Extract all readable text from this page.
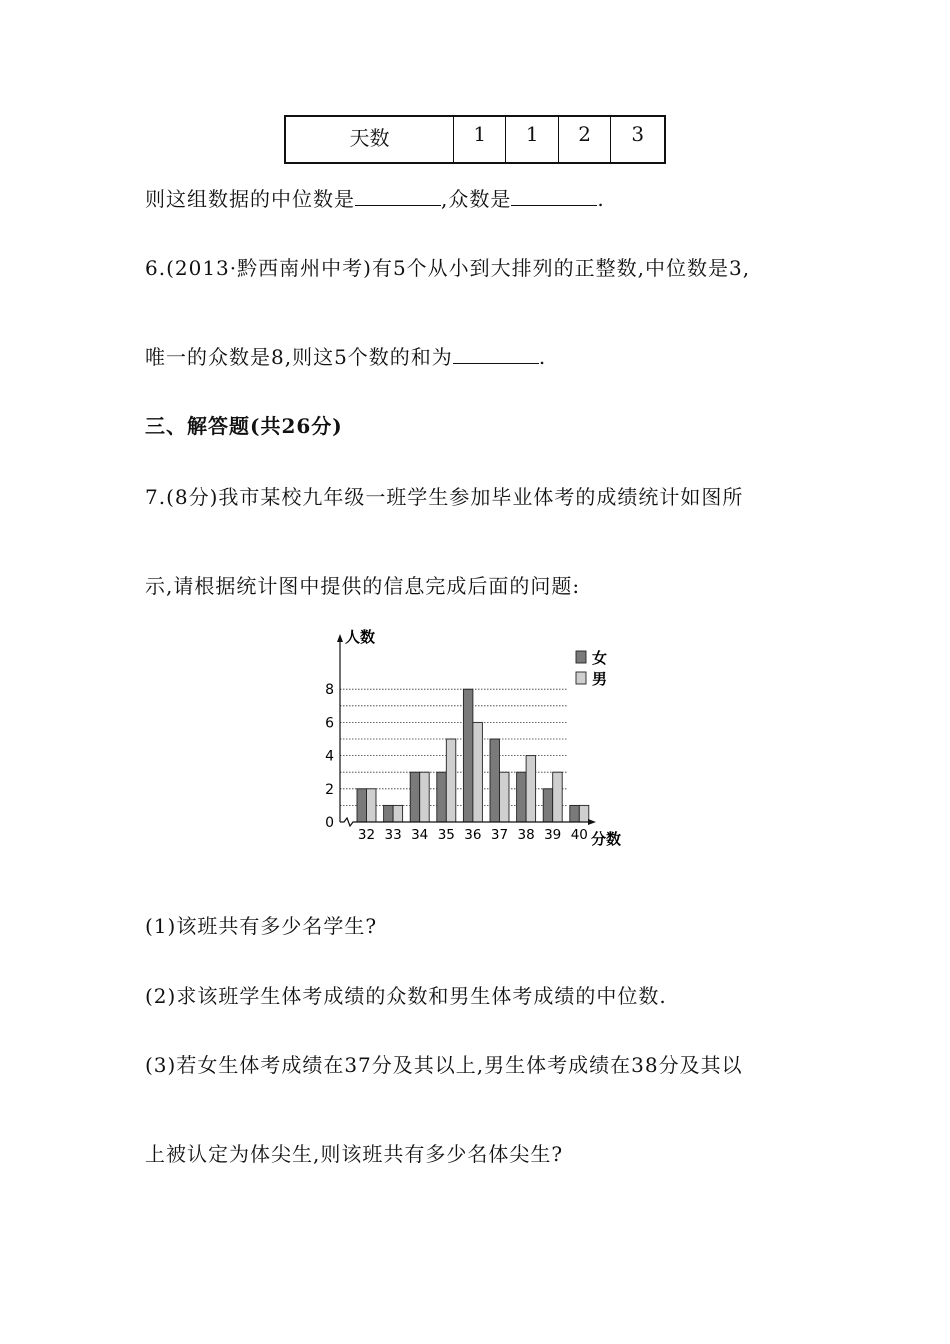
天数	1	1	2	3
则这组数据的中位数是	,众数是	.
6.(2013·黔西南州中考)有5个从小到大排列的正整数,中位数是3,
唯一的众数是8,则这5个数的和为	.
三、解答题(共26分)
7.(8分)我市某校九年级一班学生参加毕业体考的成绩统计如图所
示,请根据统计图中提供的信息完成后面的问题:
0
2
4
6
8
32 33 34 35 36 37 38 39 40
人数
分数
女
男
(1)该班共有多少名学生?
(2)求该班学生体考成绩的众数和男生体考成绩的中位数.
(3)若女生体考成绩在37分及其以上,男生体考成绩在38分及其以
上被认定为体尖生,则该班共有多少名体尖生?
